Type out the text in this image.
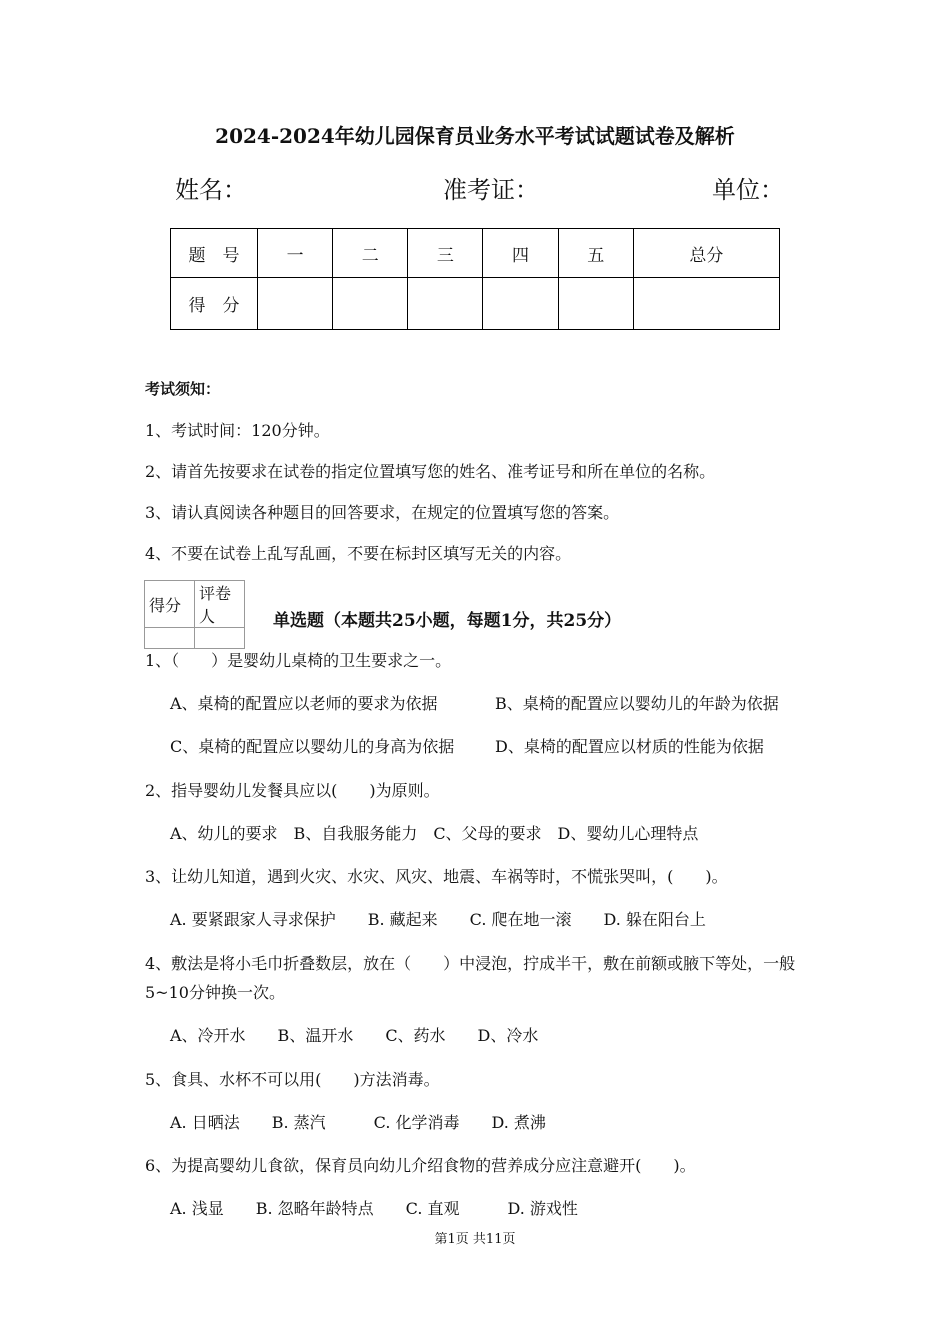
2024-2024年幼儿园保育员业务水平考试试题试卷及解析
姓名：	准考证：	单位：
题　号	一	二	三	四	五	总分
得　分						
考试须知：
1、考试时间：120分钟。
2、请首先按要求在试卷的指定位置填写您的姓名、准考证号和所在单位的名称。
3、请认真阅读各种题目的回答要求，在规定的位置填写您的答案。
4、不要在试卷上乱写乱画，不要在标封区填写无关的内容。
得分	评卷人
		单选题（本题共25小题，每题1分，共25分）
1、（　　）是婴幼儿桌椅的卫生要求之一。
A、桌椅的配置应以老师的要求为依据	B、桌椅的配置应以婴幼儿的年龄为依据
C、桌椅的配置应以婴幼儿的身高为依据	D、桌椅的配置应以材质的性能为依据
2、指导婴幼儿发餐具应以(　　)为原则。
A、幼儿的要求　B、自我服务能力　C、父母的要求　D、婴幼儿心理特点
3、让幼儿知道，遇到火灾、水灾、风灾、地震、车祸等时，不慌张哭叫，(　　)。
A. 要紧跟家人寻求保护　　B. 藏起来　　C. 爬在地一滚　　D. 躲在阳台上
4、敷法是将小毛巾折叠数层，放在（　　）中浸泡，拧成半干，敷在前额或腋下等处，一般
5~10分钟换一次。
A、冷开水　　B、温开水　　C、药水　　D、冷水
5、食具、水杯不可以用(　　)方法消毒。
A. 日晒法　　B. 蒸汽　　　C. 化学消毒　　D. 煮沸
6、为提高婴幼儿食欲，保育员向幼儿介绍食物的营养成分应注意避开(　　)。
A. 浅显　　B. 忽略年龄特点　　C. 直观　　　D. 游戏性
第1页 共11页
